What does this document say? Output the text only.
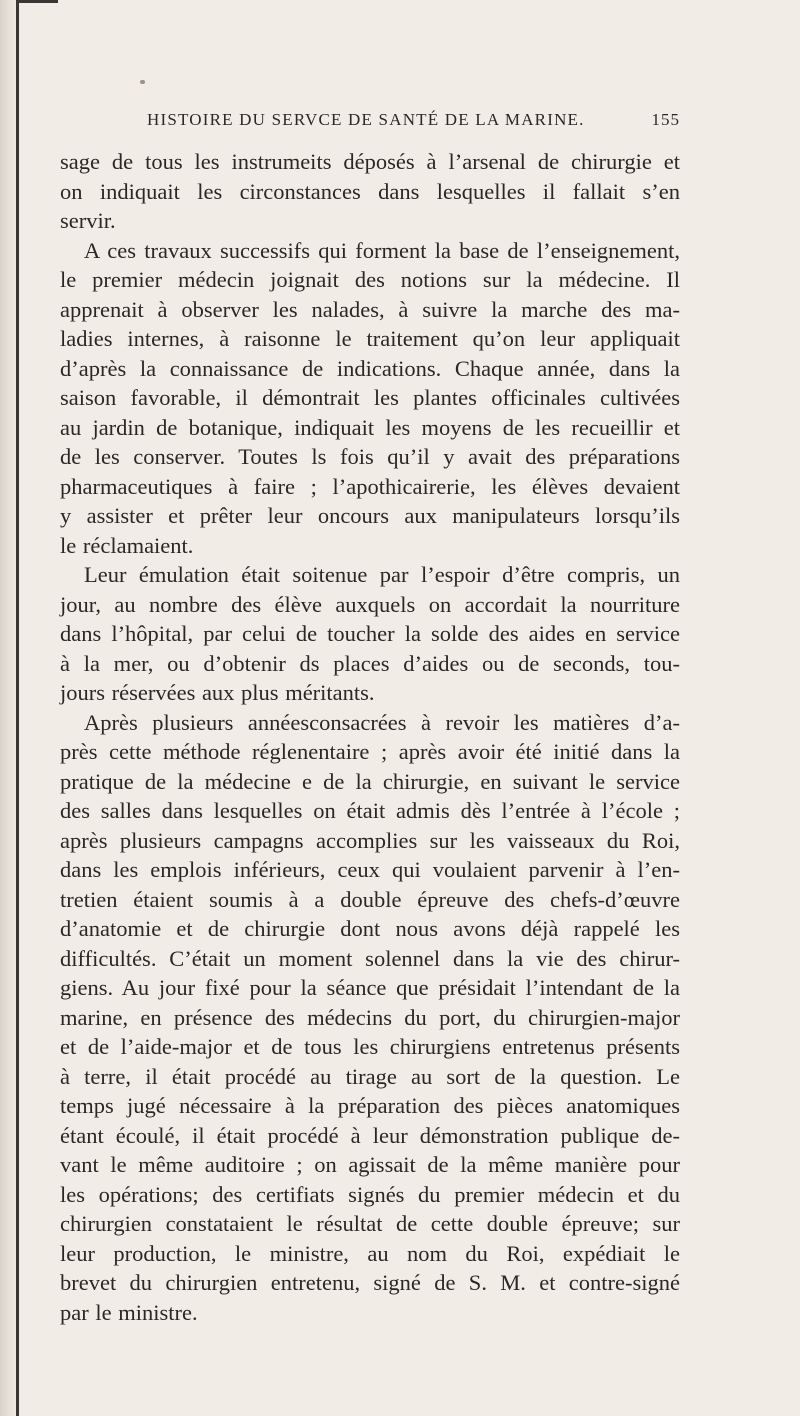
HISTOIRE DU SERVCE DE SANTÉ DE LA MARINE.	155
sage de tous les instrumeits déposés à l’arsenal de chirurgie et
on indiquait les circonstances dans lesquelles il fallait s’en
servir.
A ces travaux successifs qui forment la base de l’enseignement,
le premier médecin joignait des notions sur la médecine. Il
apprenait à observer les nalades, à suivre la marche des ma-
ladies internes, à raisonne le traitement qu’on leur appliquait
d’après la connaissance de indications. Chaque année, dans la
saison favorable, il démontrait les plantes officinales cultivées
au jardin de botanique, indiquait les moyens de les recueillir et
de les conserver. Toutes ls fois qu’il y avait des préparations
pharmaceutiques à faire ; l’apothicairerie, les élèves devaient
y assister et prêter leur oncours aux manipulateurs lorsqu’ils
le réclamaient.
Leur émulation était soitenue par l’espoir d’être compris, un
jour, au nombre des élève auxquels on accordait la nourriture
dans l’hôpital, par celui de toucher la solde des aides en service
à la mer, ou d’obtenir ds places d’aides ou de seconds, tou-
jours réservées aux plus méritants.
Après plusieurs annéesconsacrées à revoir les matières d’a-
près cette méthode réglenentaire ; après avoir été initié dans la
pratique de la médecine e de la chirurgie, en suivant le service
des salles dans lesquelles on était admis dès l’entrée à l’école ;
après plusieurs campagns accomplies sur les vaisseaux du Roi,
dans les emplois inférieurs, ceux qui voulaient parvenir à l’en-
tretien étaient soumis à a double épreuve des chefs-d’œuvre
d’anatomie et de chirurgie dont nous avons déjà rappelé les
difficultés. C’était un moment solennel dans la vie des chirur-
giens. Au jour fixé pour la séance que présidait l’intendant de la
marine, en présence des médecins du port, du chirurgien-major
et de l’aide-major et de tous les chirurgiens entretenus présents
à terre, il était procédé au tirage au sort de la question. Le
temps jugé nécessaire à la préparation des pièces anatomiques
étant écoulé, il était procédé à leur démonstration publique de-
vant le même auditoire ; on agissait de la même manière pour
les opérations; des certifiats signés du premier médecin et du
chirurgien constataient le résultat de cette double épreuve; sur
leur production, le ministre, au nom du Roi, expédiait le
brevet du chirurgien entretenu, signé de S. M. et contre-signé
par le ministre.
